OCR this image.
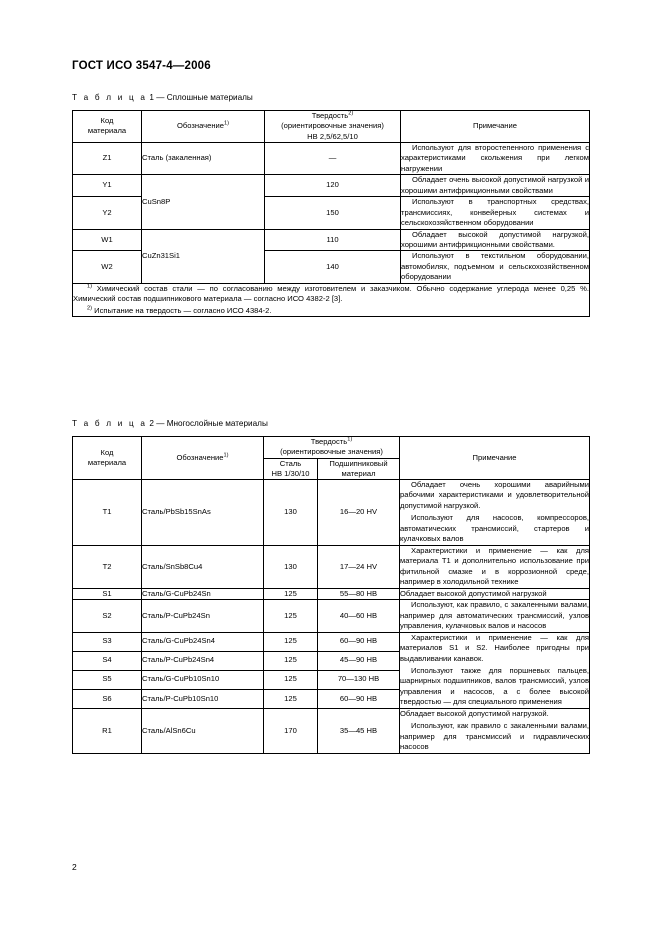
ГОСТ ИСО 3547-4—2006
Т а б л и ц а 1 — Сплошные материалы
Код
материала	Обозначение$^{1)}$	Твердость$^{2)}$
(ориентировочные значения)
HB 2,5/62,5/10	Примечание
Z1	Сталь (закаленная)	—	Используют для второстепенного применения с характеристиками скольжения при легком нагружении

Y1	CuSn8P	120	Обладает очень высокой допустимой нагрузкой и хорошими антифрикционными свойствами

Y2		150	Используют в транспортных средствах, трансмиссиях, конвейерных системах и сельскохозяйственном оборудовании

W1	CuZn31Si1	110	Обладает высокой допустимой нагрузкой, хорошими антифрикционными свойствами.

W2		140	Используют в текстильном оборудовании, автомобилях, подъемном и сельскохозяйственном оборудовании

$^{1)}$ Химический состав стали — по согласованию между изготовителем и заказчиком. Обычно содержание углерода менее 0,25 %. Химический состав подшипникового материала — согласно ИСО 4382-2 [3].

$^{2)}$ Испытание на твердость — согласно ИСО 4384-2.			

Т а б л и ц а 2 — Многослойные материалы
Код
материала	Обозначение$^{1)}$	Твердость$^{1)}$
(ориентировочные значения)		Примечание
		Сталь
HB 1/30/10	Подшипниковый
материал	
T1	Сталь/PbSb15SnAs	130	16—20 HV	Обладает очень хорошими аварийными рабочими характеристиками и удовлетворительной допустимой нагрузкой.

Используют для насосов, компрессоров, автоматических трансмиссий, стартеров и кулачковых валов

T2	Сталь/SnSb8Cu4	130	17—24 HV	Характеристики и применение — как для материала Т1 и дополнительно использование при фитильной смазке и в коррозионной среде, например в холодильной технике

S1	Сталь/G-CuPb24Sn	125	55—80 HB	Обладает высокой допустимой нагрузкой

S2	Сталь/P-CuPb24Sn	125	40—60 HB	Используют, как правило, с закаленными валами, например для автоматических трансмиссий, узлов управления, кулачковых валов и насосов

S3	Сталь/G-CuPb24Sn4	125	60—90 HB	Характеристики и применение — как для материалов S1 и S2. Наиболее пригодны при выдавливании канавок.

Используют также для поршневых пальцев, шарнирных подшипников, валов трансмиссий, узлов управления и насосов, а с более высокой твердостью — для специального применения

S4	Сталь/P-CuPb24Sn4	125	45—90 HB	
S5	Сталь/G-CuPb10Sn10	125	70—130 HB	
S6	Сталь/P-CuPb10Sn10	125	60—90 HB	
R1	Сталь/AlSn6Cu	170	35—45 HB	Обладает высокой допустимой нагрузкой.

Используют, как правило с закаленными валами, например для трансмиссий и гидравлических насосов

2
